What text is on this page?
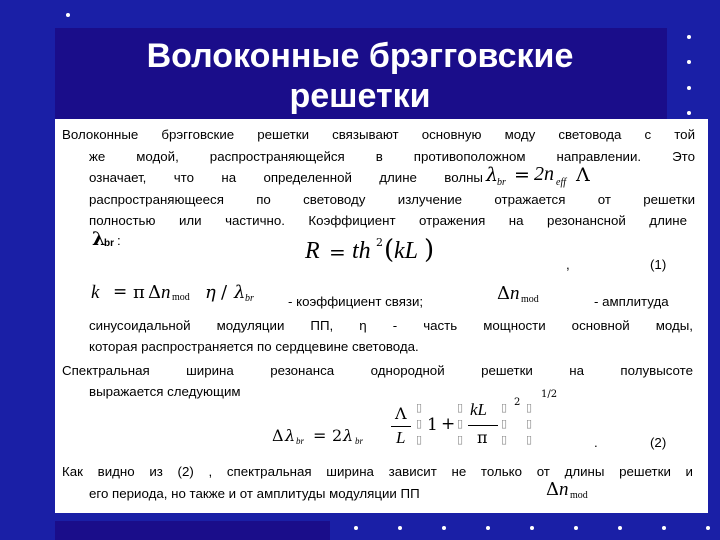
Волоконные брэгговские решетки
Волоконные брэгговские решетки связывают основную моду световода с той
же модой, распространяющейся в противоположном направлении. Это
означает, что на определенной длине волны λ
br = 2n eff Λ
распространяющееся по световоду излучение отражается от решетки
полностью или частично. Коэффициент отражения на резонансной длине
λ
br :	R = th 2 ( kL )	,	(1)
k = π Δ n mod η / λ br	- коэффициент связи;	Δ n mod	- амплитуда
синусоидальной модуляции ПП, η - часть мощности основной моды,
которая распространяется по сердцевине световода.
Спектральная ширина резонанса однородной решетки на полувысоте
выражается следующим
Δ λ br = 2 λ br
Λ
L
▯
▯
▯
1 +
▯
▯
▯
kL
π
▯
▯
▯
2 ▯
▯
▯
1/2
.	(2)
Как видно из (2) , спектральная ширина зависит не только от длины решетки и
его периода, но также и от амплитуды модуляции ПП	Δ n mod
